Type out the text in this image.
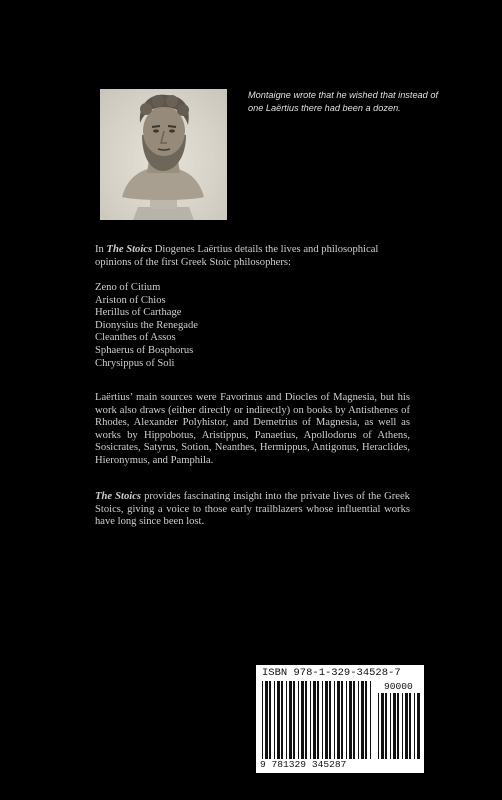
Montaigne wrote that he wished that instead of one Laërtius there had been a dozen.
In The Stoics Diogenes Laërtius details the lives and philosophical opinions of the first Greek Stoic philosophers:
Zeno of Citium
Ariston of Chios
Herillus of Carthage
Dionysius the Renegade
Cleanthes of Assos
Sphaerus of Bosphorus
Chrysippus of Soli
Laërtius’ main sources were Favorinus and Diocles of Magnesia, but his work also draws (either directly or indirectly) on books by Antisthenes of Rhodes, Alexander Polyhistor, and Demetrius of Magnesia, as well as works by Hippobotus, Aristippus, Panaetius, Apollodorus of Athens, Sosicrates, Satyrus, Sotion, Neanthes, Hermippus, Antigonus, Heraclides, Hieronymus, and Pamphila.
The Stoics provides fascinating insight into the private lives of the Greek Stoics, giving a voice to those early trailblazers whose influential works have long since been lost.
ISBN 978-1-329-34528-7
90000
9 781329 345287
